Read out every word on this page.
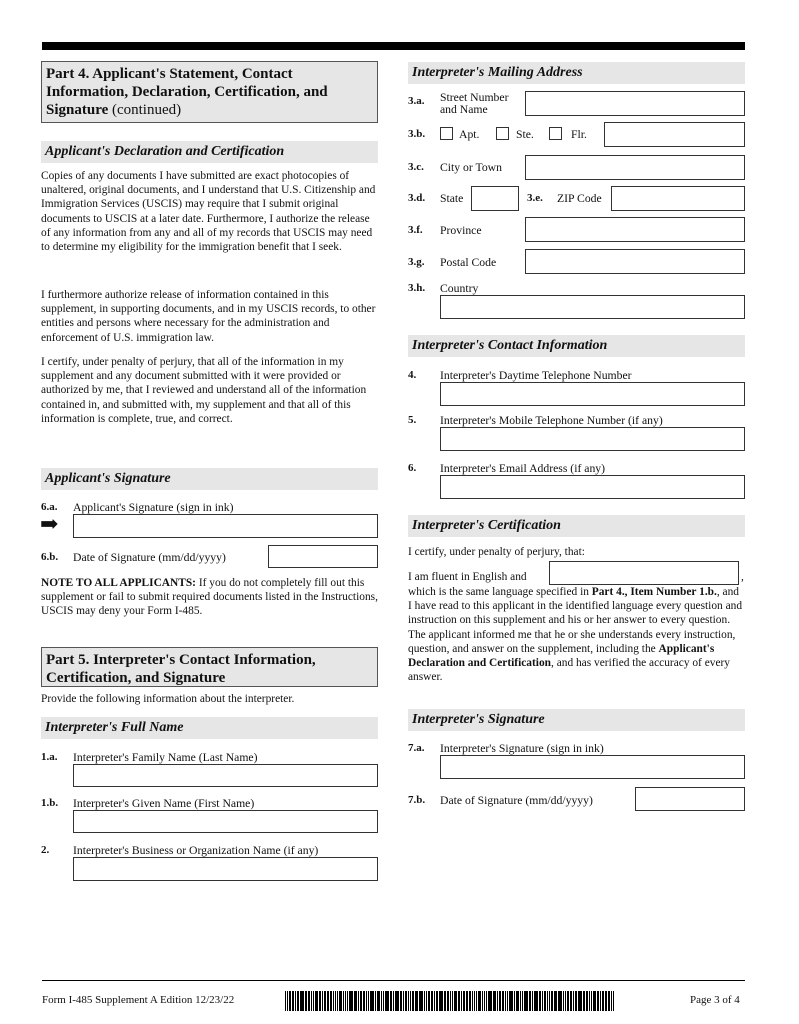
Part 4. Applicant's Statement, Contact Information, Declaration, Certification, and Signature (continued)
Applicant's Declaration and Certification
Copies of any documents I have submitted are exact photocopies of unaltered, original documents, and I understand that U.S. Citizenship and Immigration Services (USCIS) may require that I submit original documents to USCIS at a later date. Furthermore, I authorize the release of any information from any and all of my records that USCIS may need to determine my eligibility for the immigration benefit that I seek.
I furthermore authorize release of information contained in this supplement, in supporting documents, and in my USCIS records, to other entities and persons where necessary for the administration and enforcement of U.S. immigration law.
I certify, under penalty of perjury, that all of the information in my supplement and any document submitted with it were provided or authorized by me, that I reviewed and understand all of the information contained in, and submitted with, my supplement and that all of this information is complete, true, and correct.
Applicant's Signature
6.a. Applicant's Signature (sign in ink)
➡
6.b. Date of Signature (mm/dd/yyyy)
NOTE TO ALL APPLICANTS: If you do not completely fill out this supplement or fail to submit required documents listed in the Instructions, USCIS may deny your Form I-485.
Part 5. Interpreter's Contact Information, Certification, and Signature
Provide the following information about the interpreter.
Interpreter's Full Name
1.a. Interpreter's Family Name (Last Name)
1.b. Interpreter's Given Name (First Name)
2. Interpreter's Business or Organization Name (if any)
Interpreter's Mailing Address
3.a. Street Number and Name
3.b.	Apt.	Ste.	Flr.
3.c. City or Town
3.d. State	3.e. ZIP Code
3.f. Province
3.g. Postal Code
3.h. Country
Interpreter's Contact Information
4. Interpreter's Daytime Telephone Number
5. Interpreter's Mobile Telephone Number (if any)
6. Interpreter's Email Address (if any)
Interpreter's Certification
I certify, under penalty of perjury, that:
I am fluent in English and	,
which is the same language specified in Part 4., Item Number 1.b., and I have read to this applicant in the identified language every question and instruction on this supplement and his or her answer to every question. The applicant informed me that he or she understands every instruction, question, and answer on the supplement, including the Applicant's Declaration and Certification, and has verified the accuracy of every answer.
Interpreter's Signature
7.a. Interpreter's Signature (sign in ink)
7.b. Date of Signature (mm/dd/yyyy)
Form I-485 Supplement A Edition 12/23/22	Page 3 of 4
